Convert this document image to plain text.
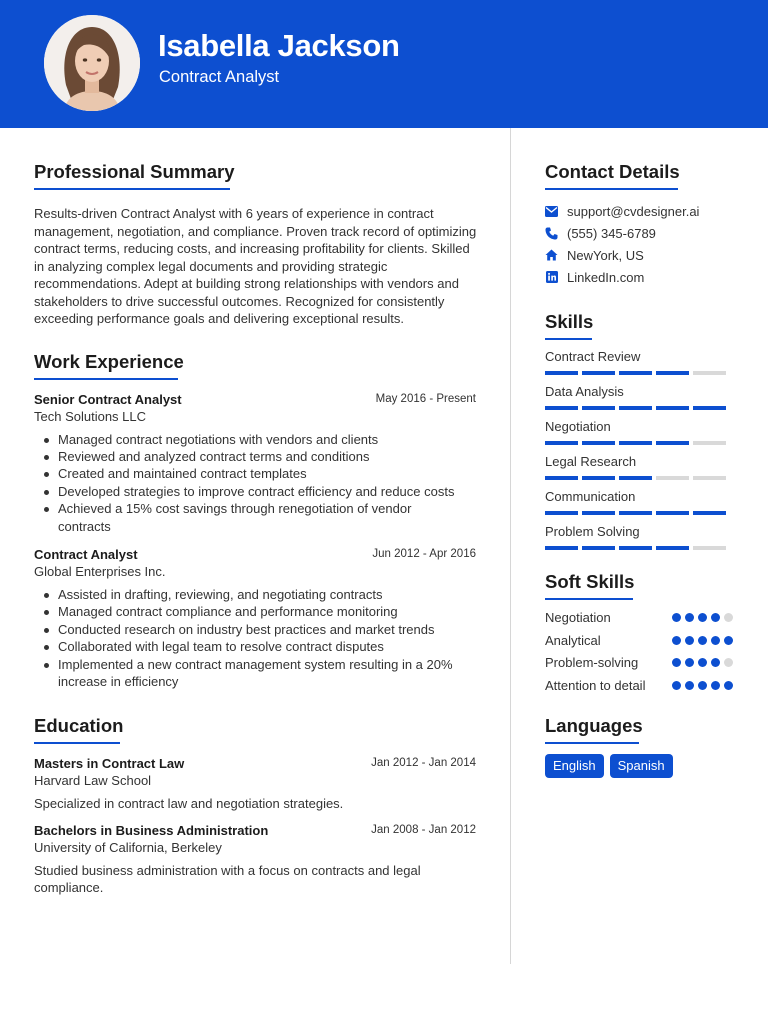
Isabella Jackson
Contract Analyst
Professional Summary

Results-driven Contract Analyst with 6 years of experience in contract management, negotiation, and compliance. Proven track record of optimizing contract terms, reducing costs, and increasing profitability for clients. Skilled in analyzing complex legal documents and providing strategic recommendations. Adept at building strong relationships with vendors and stakeholders to drive successful outcomes. Recognized for consistently exceeding performance goals and delivering exceptional results.

Work Experience
Senior Contract Analyst	May 2016 - Present
Tech Solutions LLC
Managed contract negotiations with vendors and clients
Reviewed and analyzed contract terms and conditions
Created and maintained contract templates
Developed strategies to improve contract efficiency and reduce costs
Achieved a 15% cost savings through renegotiation of vendor contracts
Contract Analyst	Jun 2012 - Apr 2016
Global Enterprises Inc.
Assisted in drafting, reviewing, and negotiating contracts
Managed contract compliance and performance monitoring
Conducted research on industry best practices and market trends
Collaborated with legal team to resolve contract disputes
Implemented a new contract management system resulting in a 20% increase in efficiency
Education
Masters in Contract Law	Jan 2012 - Jan 2014
Harvard Law School
Specialized in contract law and negotiation strategies.
Bachelors in Business Administration	Jan 2008 - Jan 2012
University of California, Berkeley
Studied business administration with a focus on contracts and legal compliance.
Contact Details
support@cvdesigner.ai
(555) 345-6789
NewYork, US
LinkedIn.com
Skills
Contract Review
Data Analysis
Negotiation
Legal Research
Communication
Problem Solving
Soft Skills
Negotiation
Analytical
Problem-solving
Attention to detail
Languages
English	Spanish
